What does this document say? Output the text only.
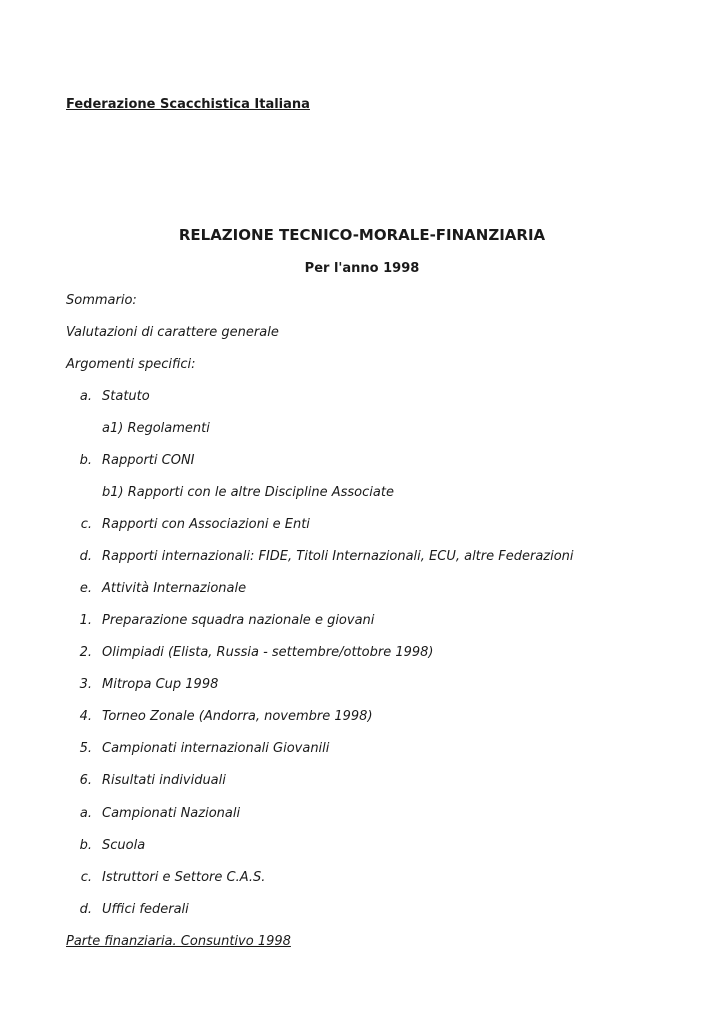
Federazione Scacchistica Italiana
RELAZIONE TECNICO-MORALE-FINANZIARIA
Per l'anno 1998
Sommario:
Valutazioni di carattere generale
Argomenti specifici:
a. Statuto
a1) Regolamenti
b. Rapporti CONI
b1) Rapporti con le altre Discipline Associate
c. Rapporti con Associazioni e Enti
d. Rapporti internazionali: FIDE, Titoli Internazionali, ECU, altre Federazioni
e. Attività Internazionale
1. Preparazione squadra nazionale e giovani
2. Olimpiadi (Elista, Russia - settembre/ottobre 1998)
3. Mitropa Cup 1998
4. Torneo Zonale (Andorra, novembre 1998)
5. Campionati internazionali Giovanili
6. Risultati individuali
a. Campionati Nazionali
b. Scuola
c. Istruttori e Settore C.A.S.
d. Uffici federali
Parte finanziaria. Consuntivo 1998
